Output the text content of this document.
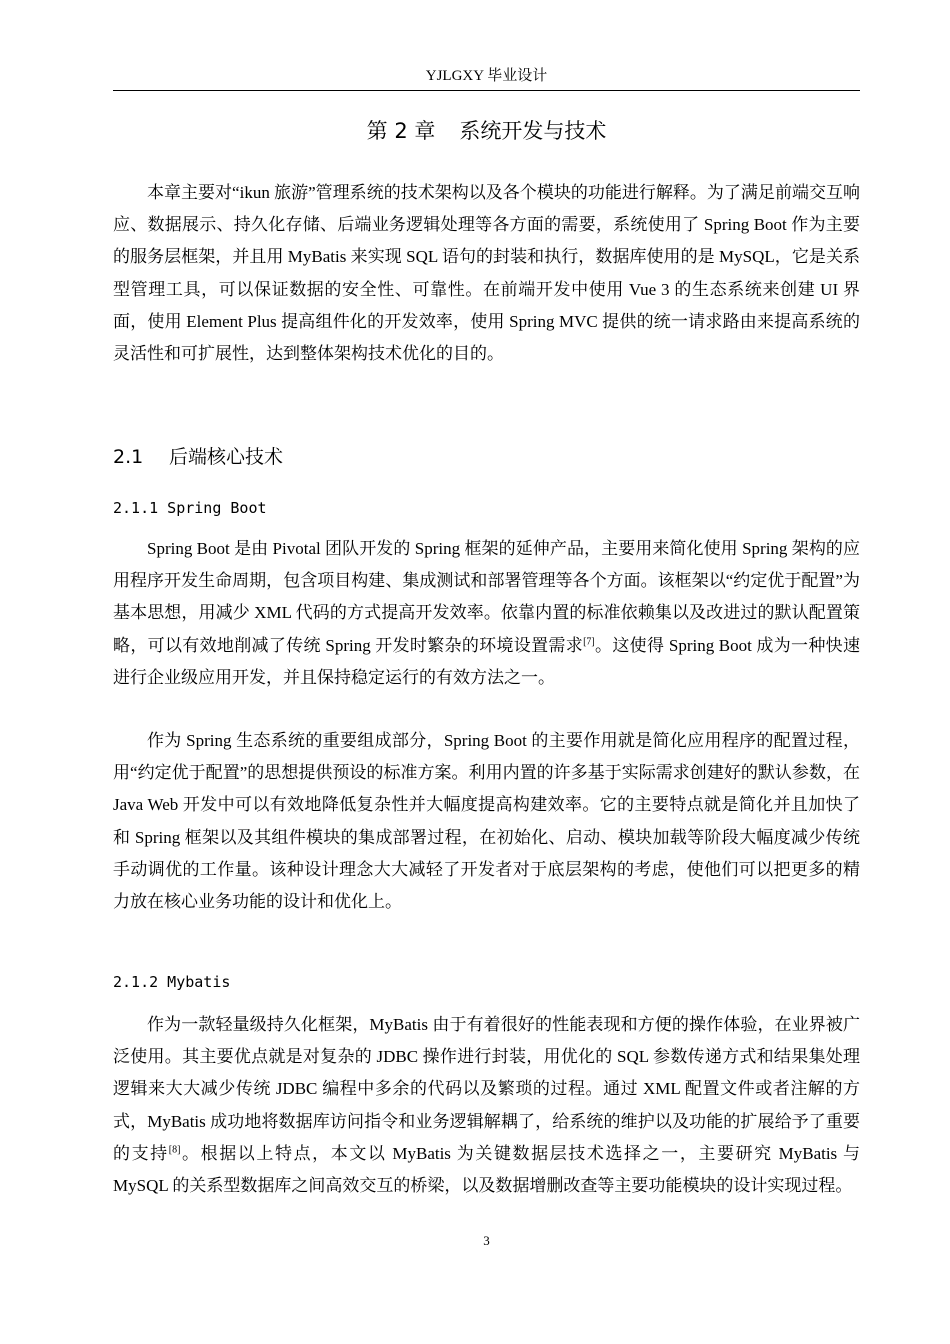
YJLGXY 毕业设计
第 2 章 系统开发与技术
本章主要对“ikun 旅游”管理系统的技术架构以及各个模块的功能进行解释。为了满足前端交互响应、数据展示、持久化存储、后端业务逻辑处理等各方面的需要，系统使用了 Spring Boot 作为主要的服务层框架，并且用 MyBatis 来实现 SQL 语句的封装和执行，数据库使用的是 MySQL，它是关系型管理工具，可以保证数据的安全性、可靠性。在前端开发中使用 Vue 3 的生态系统来创建 UI 界面，使用 Element Plus 提高组件化的开发效率，使用 Spring MVC 提供的统一请求路由来提高系统的灵活性和可扩展性，达到整体架构技术优化的目的。
2.1 后端核心技术
2.1.1 Spring Boot
Spring Boot 是由 Pivotal 团队开发的 Spring 框架的延伸产品，主要用来简化使用 Spring 架构的应用程序开发生命周期，包含项目构建、集成测试和部署管理等各个方面。该框架以“约定优于配置”为基本思想，用减少 XML 代码的方式提高开发效率。依靠内置的标准依赖集以及改进过的默认配置策略，可以有效地削减了传统 Spring 开发时繁杂的环境设置需求[7]。这使得 Spring Boot 成为一种快速进行企业级应用开发，并且保持稳定运行的有效方法之一。
作为 Spring 生态系统的重要组成部分，Spring Boot 的主要作用就是简化应用程序的配置过程，用“约定优于配置”的思想提供预设的标准方案。利用内置的许多基于实际需求创建好的默认参数，在 Java Web 开发中可以有效地降低复杂性并大幅度提高构建效率。它的主要特点就是简化并且加快了和 Spring 框架以及其组件模块的集成部署过程，在初始化、启动、模块加载等阶段大幅度减少传统手动调优的工作量。该种设计理念大大减轻了开发者对于底层架构的考虑，使他们可以把更多的精力放在核心业务功能的设计和优化上。
2.1.2 Mybatis
作为一款轻量级持久化框架，MyBatis 由于有着很好的性能表现和方便的操作体验，在业界被广泛使用。其主要优点就是对复杂的 JDBC 操作进行封装，用优化的 SQL 参数传递方式和结果集处理逻辑来大大减少传统 JDBC 编程中多余的代码以及繁琐的过程。通过 XML 配置文件或者注解的方式，MyBatis 成功地将数据库访问指令和业务逻辑解耦了，给系统的维护以及功能的扩展给予了重要的支持[8]。根据以上特点，本文以 MyBatis 为关键数据层技术选择之一，主要研究 MyBatis 与 MySQL 的关系型数据库之间高效交互的桥梁，以及数据增删改查等主要功能模块的设计实现过程。
3
